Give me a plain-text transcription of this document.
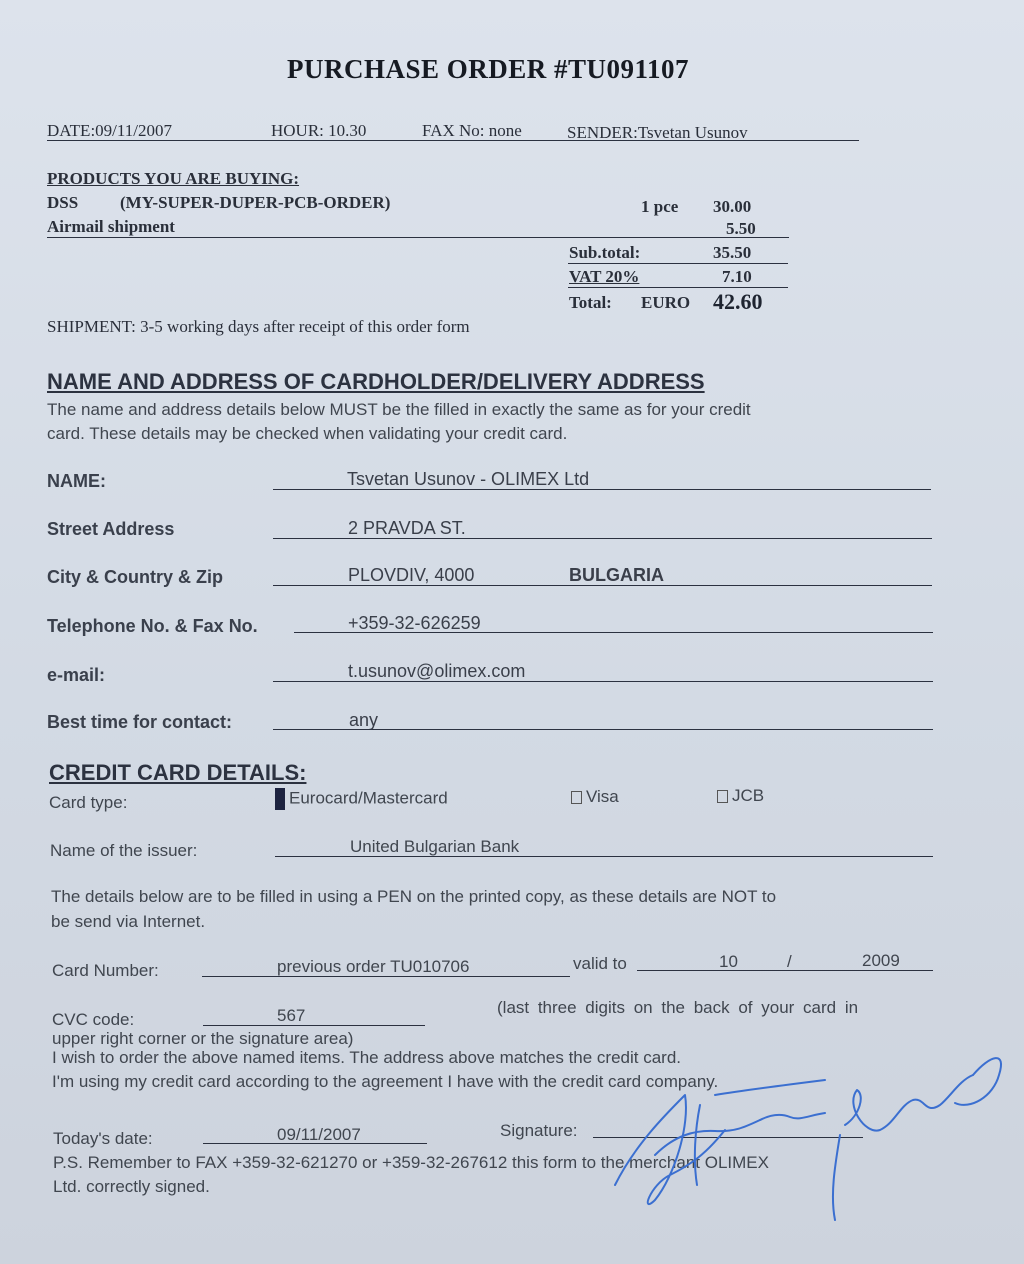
PURCHASE ORDER #TU091107
DATE:09/11/2007	HOUR: 10.30	FAX No: none	SENDER:Tsvetan Usunov
PRODUCTS YOU ARE BUYING:
DSS (MY-SUPER-DUPER-PCB-ORDER)	1 pce 30.00
Airmail shipment	5.50
Sub.total:	35.50
VAT 20%	7.10
Total: EURO 42.60
SHIPMENT: 3-5 working days after receipt of this order form
NAME AND ADDRESS OF CARDHOLDER/DELIVERY ADDRESS
The name and address details below MUST be the filled in exactly the same as for your credit
card. These details may be checked when validating your credit card.
NAME:	Tsvetan Usunov - OLIMEX Ltd
Street Address	2 PRAVDA ST.
City & Country & Zip	PLOVDIV, 4000	BULGARIA
Telephone No. & Fax No.	+359-32-626259
e-mail:	t.usunov@olimex.com
Best time for contact:	any
CREDIT CARD DETAILS:
Card type:	Eurocard/Mastercard	Visa	JCB
Name of the issuer:	United Bulgarian Bank
The details below are to be filled in using a PEN on the printed copy, as these details are NOT to
be send via Internet.
Card Number:	previous order TU010706	valid to	10	/	2009
CVC code:	567	(last three digits on the back of your card in
upper right corner or the signature area)
I wish to order the above named items. The address above matches the credit card.
I'm using my credit card according to the agreement I have with the credit card company.
Today's date:	09/11/2007	Signature:
P.S. Remember to FAX +359-32-621270 or +359-32-267612 this form to the merchant OLIMEX
Ltd. correctly signed.
